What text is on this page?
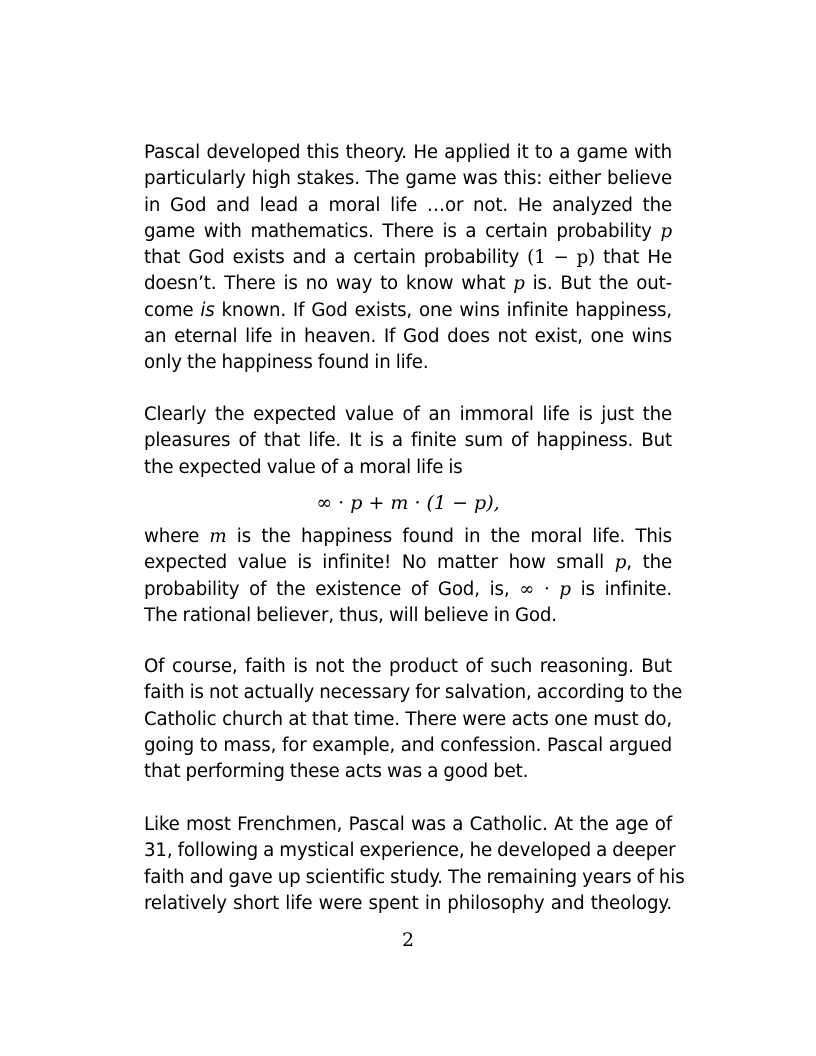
Pascal developed this theory. He applied it to a game with
particularly high stakes. The game was this: either believe
in God and lead a moral life …or not. He analyzed the
game with mathematics. There is a certain probability p
that God exists and a certain probability (1 − p) that He
doesn’t. There is no way to know what p is. But the out-
come is known. If God exists, one wins infinite happiness,
an eternal life in heaven. If God does not exist, one wins
only the happiness found in life.
Clearly the expected value of an immoral life is just the
pleasures of that life. It is a finite sum of happiness. But
the expected value of a moral life is
∞ · p + m · (1 − p),
where m is the happiness found in the moral life. This
expected value is infinite! No matter how small p, the
probability of the existence of God, is, ∞ · p is infinite.
The rational believer, thus, will believe in God.
Of course, faith is not the product of such reasoning. But
faith is not actually necessary for salvation, according to the
Catholic church at that time. There were acts one must do,
going to mass, for example, and confession. Pascal argued
that performing these acts was a good bet.
Like most Frenchmen, Pascal was a Catholic. At the age of
31, following a mystical experience, he developed a deeper
faith and gave up scientific study. The remaining years of his
relatively short life were spent in philosophy and theology.
2
